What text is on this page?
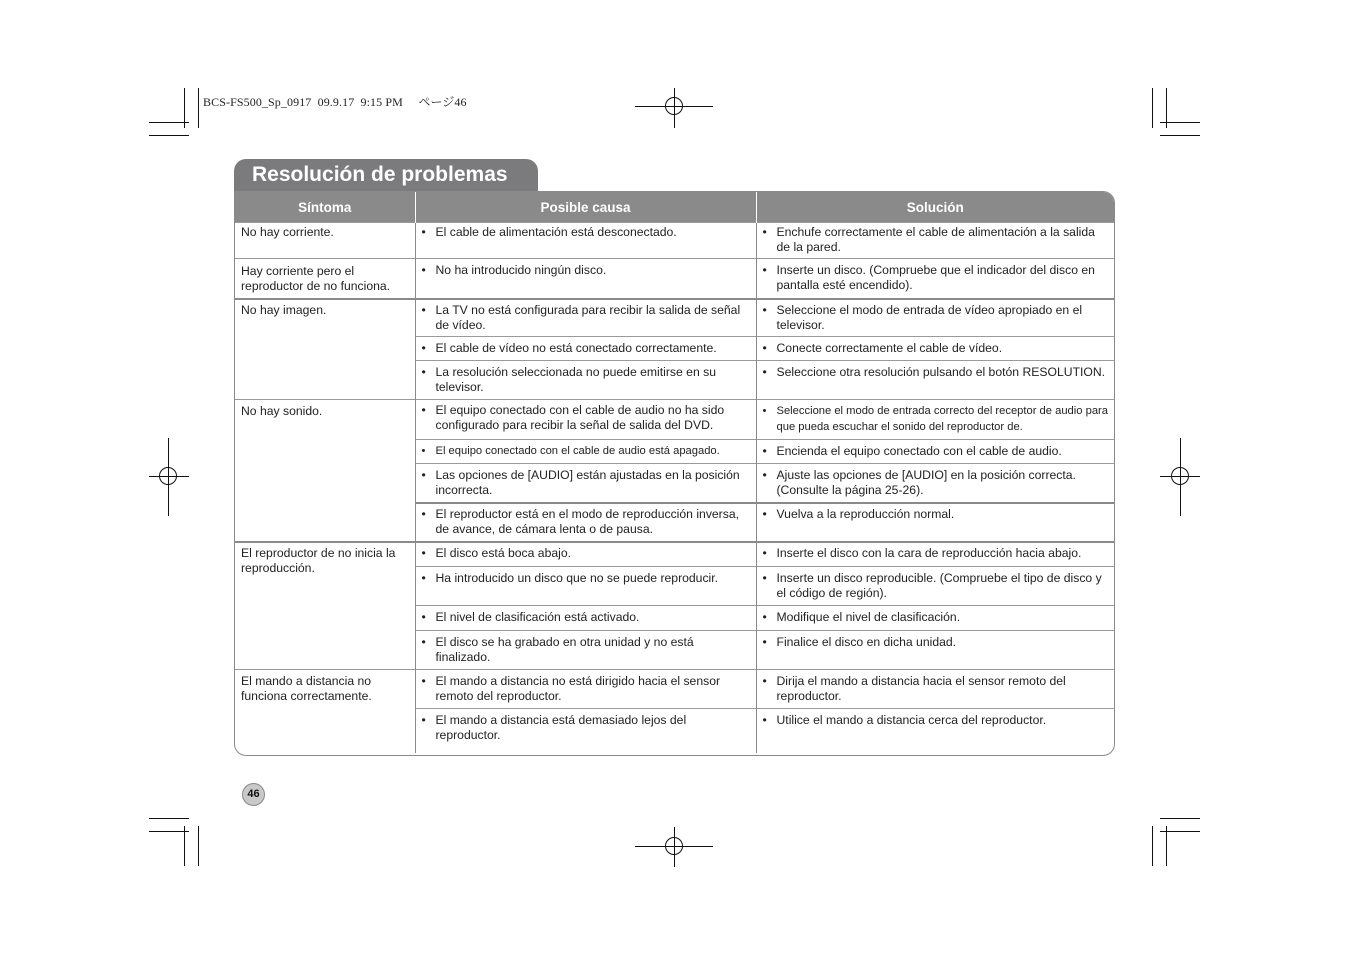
BCS-FS500_Sp_0917  09.9.17  9:15 PM     ページ46
Resolución de problemas
Síntoma	Posible causa	Solución

No hay corriente.	• El cable de alimentación está desconectado.	• Enchufe correctamente el cable de alimentación a la salida de la pared.

Hay corriente pero el reproductor de no funciona.	• No ha introducido ningún disco.	• Inserte un disco. (Compruebe que el indicador del disco en pantalla esté encendido).

No hay imagen.	• La TV no está configurada para recibir la salida de señal de vídeo.	• Seleccione el modo de entrada de vídeo apropiado en el televisor.

	• El cable de vídeo no está conectado correctamente.	• Conecte correctamente el cable de vídeo.

	• La resolución seleccionada no puede emitirse en su televisor.	• Seleccione otra resolución pulsando el botón RESOLUTION.

No hay sonido.	• El equipo conectado con el cable de audio no ha sido configurado para recibir la señal de salida del DVD.	• Seleccione el modo de entrada correcto del receptor de audio para que pueda escuchar el sonido del reproductor de.

	• El equipo conectado con el cable de audio está apagado.	• Encienda el equipo conectado con el cable de audio.

	• Las opciones de [AUDIO] están ajustadas en la posición incorrecta.	• Ajuste las opciones de [AUDIO] en la posición correcta. (Consulte la página 25-26).

	• El reproductor está en el modo de reproducción inversa, de avance, de cámara lenta o de pausa.	• Vuelva a la reproducción normal.

El reproductor de no inicia la reproducción.	• El disco está boca abajo.	• Inserte el disco con la cara de reproducción hacia abajo.

	• Ha introducido un disco que no se puede reproducir.	• Inserte un disco reproducible. (Compruebe el tipo de disco y el código de región).

	• El nivel de clasificación está activado.	• Modifique el nivel de clasificación.

	• El disco se ha grabado en otra unidad y no está finalizado.	• Finalice el disco en dicha unidad.

El mando a distancia no funciona correctamente.	• El mando a distancia no está dirigido hacia el sensor remoto del reproductor.	• Dirija el mando a distancia hacia el sensor remoto del reproductor.

	• El mando a distancia está demasiado lejos del reproductor.	• Utilice el mando a distancia cerca del reproductor.
46
